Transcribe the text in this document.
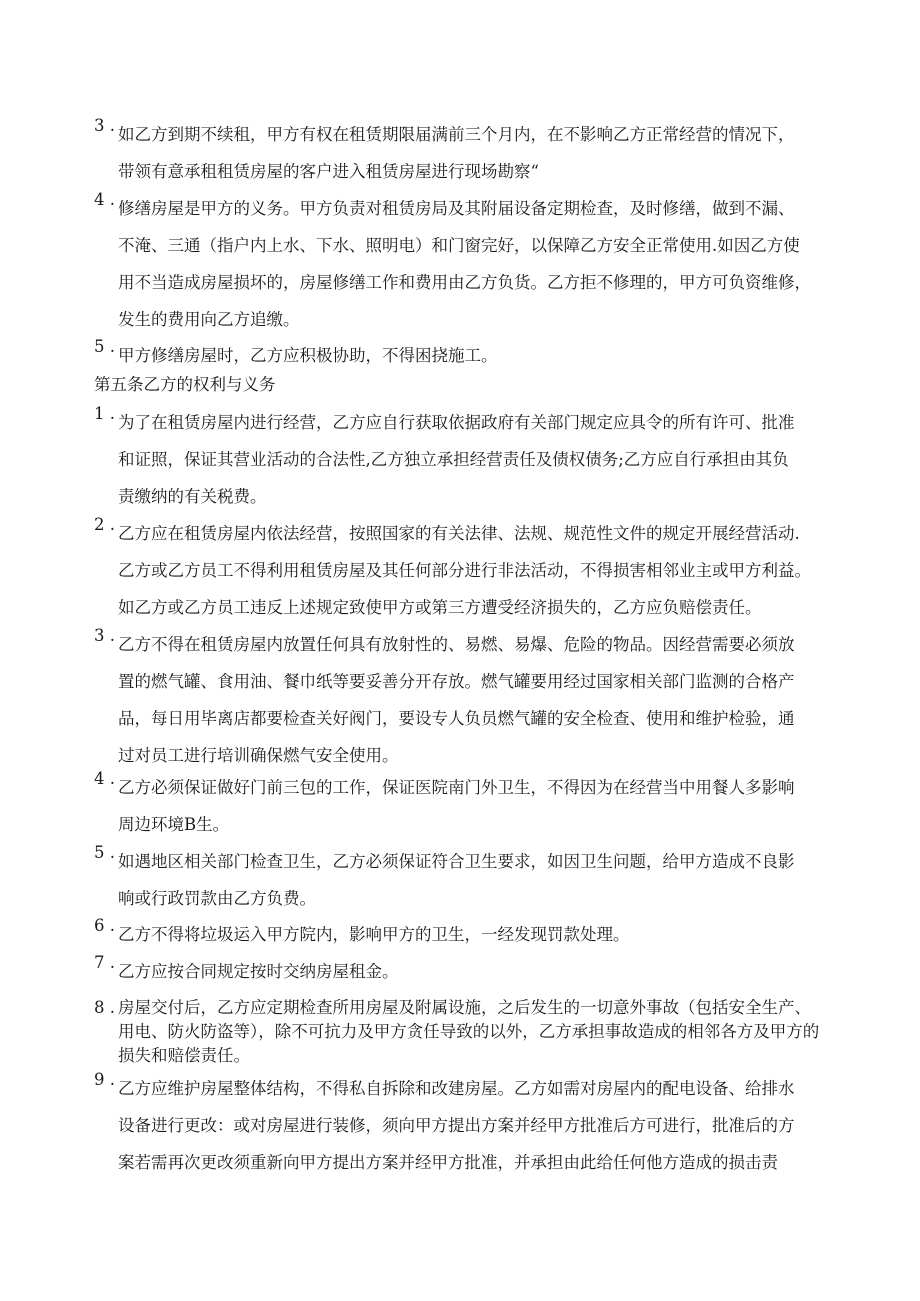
3 . 如乙方到期不续租，甲方有权在租赁期限届满前三个月内，在不影响乙方正常经营的情况下，
带领有意承租租赁房屋的客户进入租赁房屋进行现场勘察“
4 . 修缮房屋是甲方的义务。甲方负责对租赁房局及其附届设备定期检查，及时修缮，做到不漏、
不淹、三通（指户内上水、下水、照明电）和门窗完好，以保障乙方安全正常使用.如因乙方使
用不当造成房屋损坏的，房屋修缮工作和费用由乙方负货。乙方拒不修理的，甲方可负资维修，
发生的费用向乙方追缴。
5 . 甲方修缮房屋时，乙方应积极协助，不得困挠施工。
第五条乙方的权利与义务
1 . 为了在租赁房屋内进行经营，乙方应自行获取依据政府有关部门规定应具令的所有许可、批准
和证照，保证其营业活动的合法性,乙方独立承担经营责任及债权债务;乙方应自行承担由其负
责缴纳的有关税费。
2 . 乙方应在租赁房屋内依法经营，按照国家的有关法律、法规、规范性文件的规定开展经营活动.
乙方或乙方员工不得利用租赁房屋及其任何部分进行非法活动，不得损害相邻业主或甲方利益。
如乙方或乙方员工违反上述规定致使甲方或第三方遭受经济损失的，乙方应负赔偿责任。
3 . 乙方不得在租赁房屋内放置任何具有放射性的、易燃、易爆、危险的物品。因经营需要必须放
置的燃气罐、食用油、餐巾纸等要妥善分开存放。燃气罐要用经过国家相关部门监测的合格产
品，每日用毕离店都要检查关好阀门，要设专人负员燃气罐的安全检查、使用和维护检验，通
过对员工进行培训确保燃气安全使用。
4 . 乙方必须保证做好门前三包的工作，保证医院南门外卫生，不得因为在经营当中用餐人多影响
周边环境B生。
5 . 如遇地区相关部门检查卫生，乙方必须保证符合卫生要求，如因卫生问题，给甲方造成不良影
响或行政罚款由乙方负费。
6 . 乙方不得将垃圾运入甲方院内，影响甲方的卫生，一经发现罚款处理。
7 . 乙方应按合同规定按时交纳房屋租金。
8 . 房屋交付后，乙方应定期检查所用房屋及附属设施，之后发生的一切意外事故（包括安全生产、
用电、防火防盗等），除不可抗力及甲方贪任导致的以外，乙方承担事故造成的相邻各方及甲方的
损失和赔偿责任。
9 . 乙方应维护房屋整体结构，不得私自拆除和改建房屋。乙方如需对房屋内的配电设备、给排水
设备进行更改：或对房屋进行装修，须向甲方提出方案并经甲方批准后方可进行，批准后的方
案若需再次更改须重新向甲方提出方案并经甲方批准，并承担由此给任何他方造成的损击责
